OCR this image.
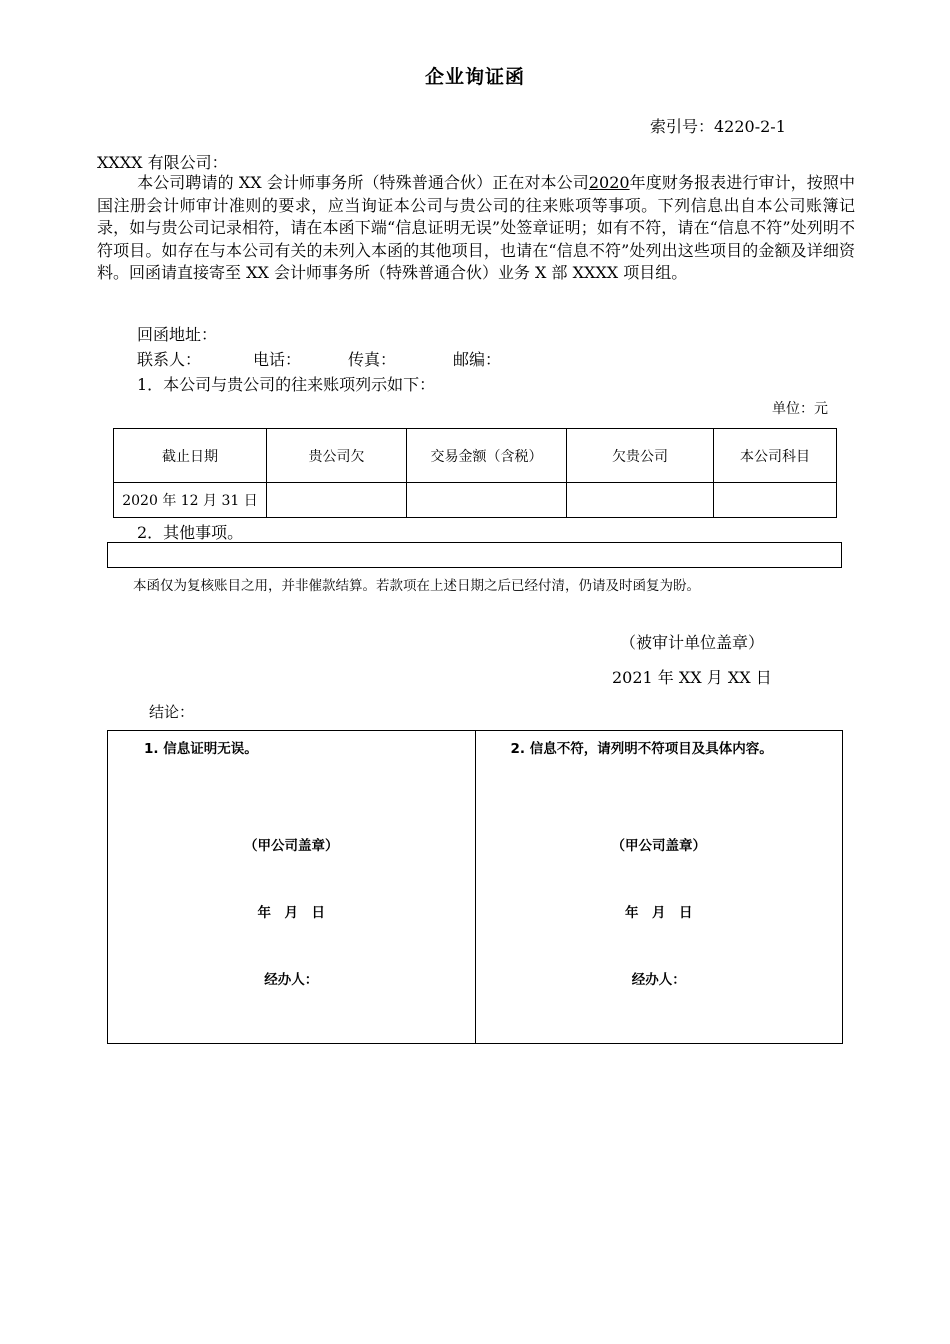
企业询证函
索引号：4220-2-1
XXXX 有限公司：
本公司聘请的 XX 会计师事务所（特殊普通合伙）正在对本公司2020年度财务报表进行审计，按照中国注册会计师审计准则的要求，应当询证本公司与贵公司的往来账项等事项。下列信息出自本公司账簿记录，如与贵公司记录相符，请在本函下端“信息证明无误”处签章证明；如有不符，请在“信息不符”处列明不符项目。如存在与本公司有关的未列入本函的其他项目，也请在“信息不符”处列出这些项目的金额及详细资料。回函请直接寄至 XX 会计师事务所（特殊普通合伙）业务 X 部 XXXX 项目组。
回函地址：
联系人：	电话：	传真：	邮编：
1．本公司与贵公司的往来账项列示如下：
单位：元
截止日期	贵公司欠	交易金额（含税）	欠贵公司	本公司科目
2020 年 12 月 31 日				
2．其他事项。
本函仅为复核账目之用，并非催款结算。若款项在上述日期之后已经付清，仍请及时函复为盼。
（被审计单位盖章）
2021 年 XX 月 XX 日
结论：
1. 信息证明无误。
（甲公司盖章）
年　月　日
经办人：
2. 信息不符，请列明不符项目及具体内容。
（甲公司盖章）
年　月　日
经办人：
